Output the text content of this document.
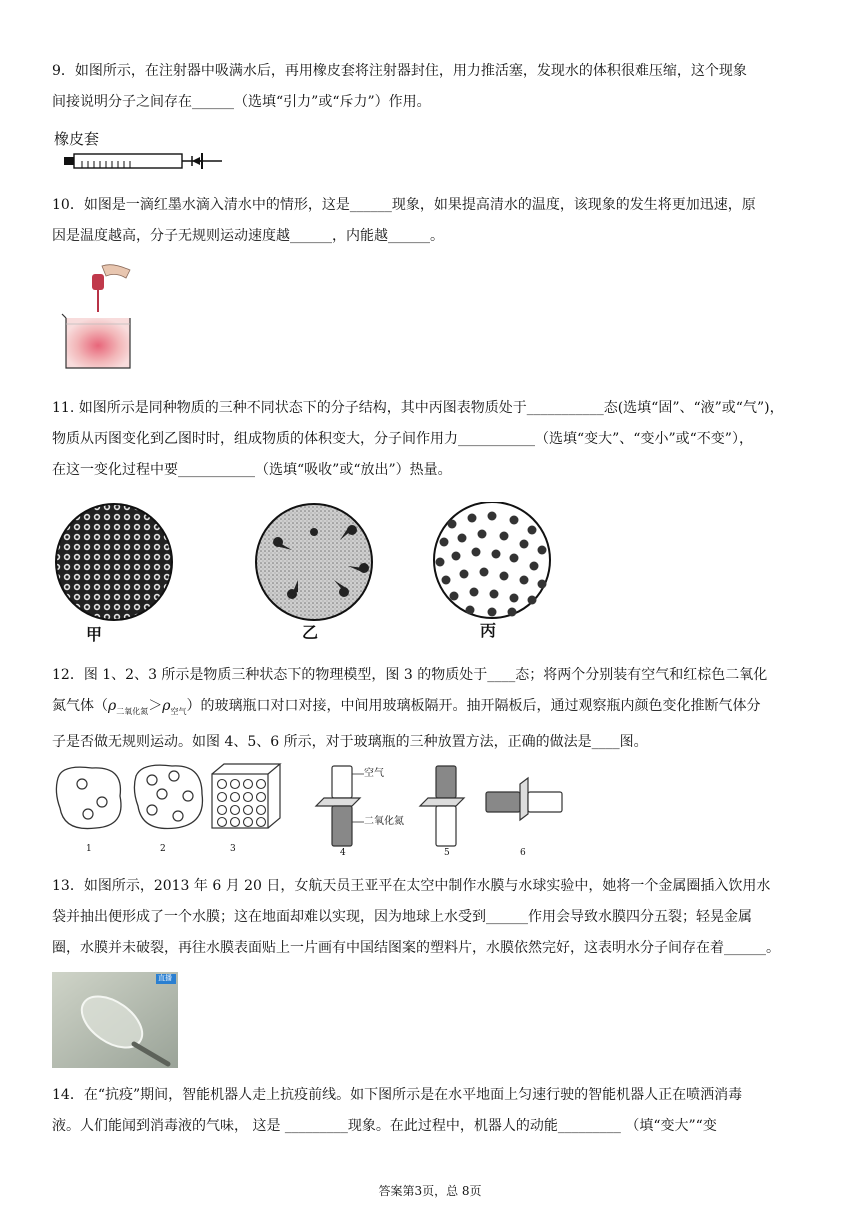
9．如图所示，在注射器中吸满水后，再用橡皮套将注射器封住，用力推活塞，发现水的体积很难压缩，这个现象

间接说明分子之间存在______（选填“引力”或“斥力”）作用。

橡皮套

10．如图是一滴红墨水滴入清水中的情形，这是______现象，如果提高清水的温度，该现象的发生将更加迅速，原

因是温度越高，分子无规则运动速度越______，内能越______。

11. 如图所示是同种物质的三种不同状态下的分子结构，其中丙图表物质处于___________态(选填“固”、“液”或“气”)，

物质从丙图变化到乙图时时，组成物质的体积变大，分子间作用力___________（选填“变大”、“变小”或“不变”），

在这一变化过程中要___________（选填“吸收”或“放出”）热量。

甲	乙	丙

12．图 1、2、3 所示是物质三种状态下的物理模型，图 3 的物质处于____态；将两个分别装有空气和红棕色二氧化

氮气体$(\rho_{二氧化氮}>\rho_{空气})$的玻璃瓶口对口对接，中间用玻璃板隔开。抽开隔板后，通过观察瓶内颜色变化推断气体分

子是否做无规则运动。如图 4、5、6 所示，对于玻璃瓶的三种放置方法，正确的做法是____图。

空气
二氧化氮
1	2	3	4	5	6

13．如图所示，2013 年 6 月 20 日，女航天员王亚平在太空中制作水膜与水球实验中，她将一个金属圈插入饮用水

袋并抽出便形成了一个水膜；这在地面却难以实现，因为地球上水受到______作用会导致水膜四分五裂；轻晃金属

圈，水膜并未破裂，再往水膜表面贴上一片画有中国结图案的塑料片，水膜依然完好，这表明水分子间存在着______。

直播

14．在“抗疫”期间，智能机器人走上抗疫前线。如下图所示是在水平地面上匀速行驶的智能机器人正在喷洒消毒

液。人们能闻到消毒液的气味， 这是 _________现象。在此过程中，机器人的动能_________ （填“变大”“变

答案第3页，总 8页
